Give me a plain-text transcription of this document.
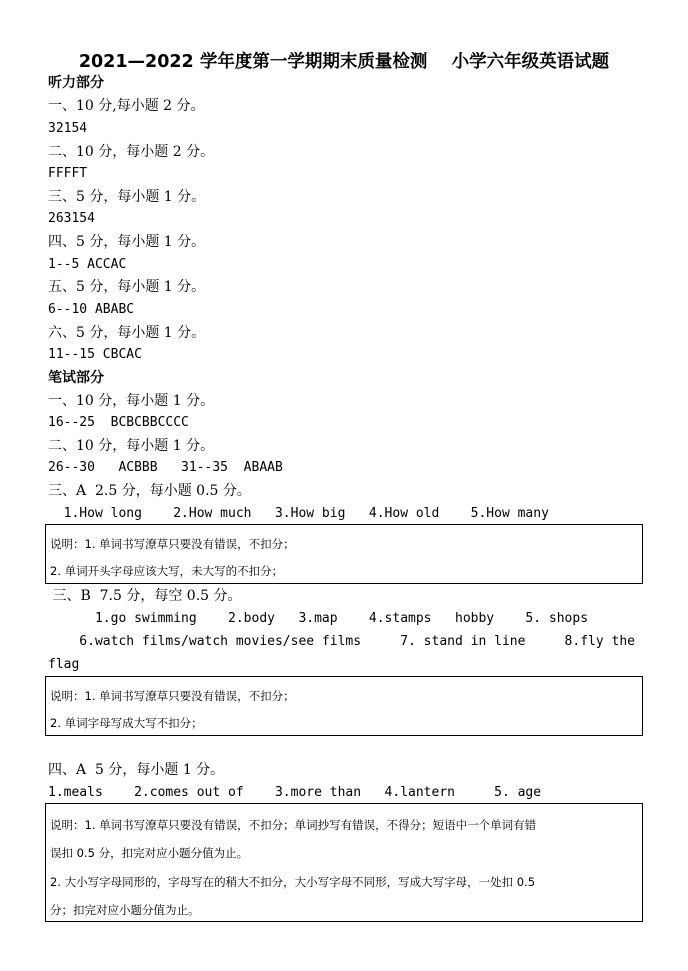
2021—2022 学年度第一学期期末质量检测    小学六年级英语试题
听力部分
一、10 分,每小题 2 分。
32154
二、10 分，每小题 2 分。
FFFFT
三、5 分，每小题 1 分。
263154
四、5 分，每小题 1 分。
1--5 ACCAC
五、5 分，每小题 1 分。
6--10 ABABC
六、5 分，每小题 1 分。
11--15 CBCAC
笔试部分
一、10 分，每小题 1 分。
16--25  BCBCBBCCCC
二、10 分，每小题 1 分。
26--30   ACBBB   31--35  ABAAB
三、A  2.5 分，每小题 0.5 分。
1.How long    2.How much   3.How big   4.How old    5.How many
说明：1. 单词书写潦草只要没有错误，不扣分；
2. 单词开头字母应该大写，未大写的不扣分；
三、B  7.5 分，每空 0.5 分。
1.go swimming    2.body   3.map    4.stamps   hobby    5. shops
6.watch films/watch movies/see films     7. stand in line     8.fly the
flag
说明：1. 单词书写潦草只要没有错误，不扣分；
2. 单词字母写成大写不扣分；
四、A  5 分，每小题 1 分。
1.meals    2.comes out of    3.more than   4.lantern     5. age
说明：1. 单词书写潦草只要没有错误，不扣分；单词抄写有错误，不得分；短语中一个单词有错
误扣 0.5 分，扣完对应小题分值为止。
2. 大小写字母同形的，字母写在的稍大不扣分，大小写字母不同形，写成大写字母，一处扣 0.5
分；扣完对应小题分值为止。
